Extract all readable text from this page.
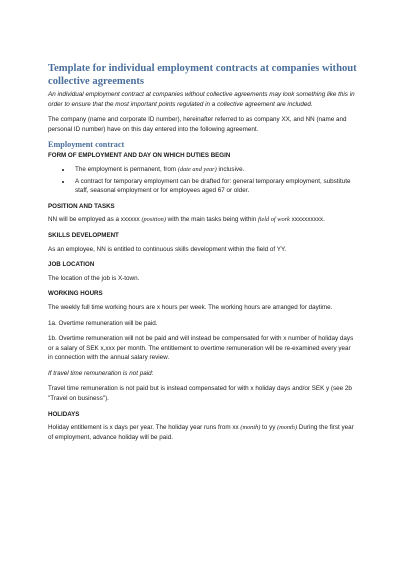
Template for individual employment contracts at companies without collective agreements

An individual employment contract at companies without collective agreements may look something like this in order to ensure that the most important points regulated in a collective agreement are included.

The company (name and corporate ID number), hereinafter referred to as company XX, and NN (name and personal ID number) have on this day entered into the following agreement.

Employment contract
FORM OF EMPLOYMENT AND DAY ON WHICH DUTIES BEGIN
• The employment is permanent, from (date and year) inclusive.
• A contract for temporary employment can be drafted for: general temporary employment, substitute staff, seasonal employment or for employees aged 67 or older.
POSITION AND TASKS

NN will be employed as a xxxxxx (position) with the main tasks being within field of work xxxxxxxxxx.

SKILLS DEVELOPMENT

As an employee, NN is entitled to continuous skills development within the field of YY.

JOB LOCATION

The location of the job is X-town.

WORKING HOURS

The weekly full time working hours are x hours per week. The working hours are arranged for daytime.

1a. Overtime remuneration will be paid.

1b. Overtime remuneration will not be paid and will instead be compensated for with x number of holiday days or a salary of SEK x,xxx per month. The entitlement to overtime remuneration will be re-examined every year in connection with the annual salary review.

If travel time remuneration is not paid:

Travel time remuneration is not paid but is instead compensated for with x holiday days and/or SEK y (see 2b "Travel on business").

HOLIDAYS

Holiday entitlement is x days per year. The holiday year runs from xx (month) to yy (month) During the first year of employment, advance holiday will be paid.
